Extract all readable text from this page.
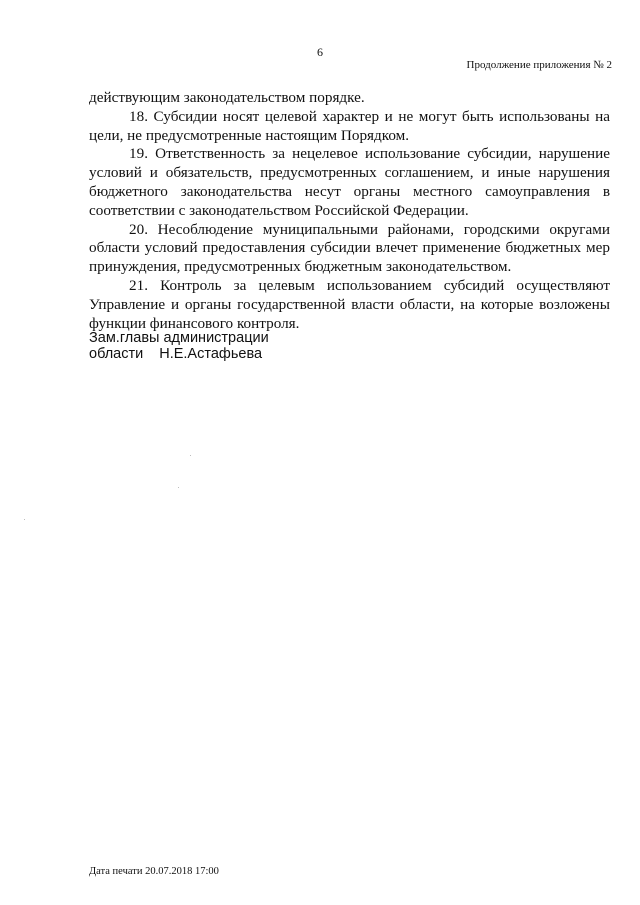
6
Продолжение приложения № 2

действующим законодательством порядке.

18. Субсидии носят целевой характер и не могут быть использованы на цели, не предусмотренные настоящим Порядком.

19. Ответственность за нецелевое использование субсидии, нарушение условий и обязательств, предусмотренных соглашением, и иные нарушения бюджетного законодательства несут органы местного самоуправления в соответствии с законодательством Российской Федерации.

20. Несоблюдение муниципальными районами, городскими округами области условий предоставления субсидии влечет применение бюджетных мер принуждения, предусмотренных бюджетным законодательством.

21. Контроль за целевым использованием субсидий осуществляют Управление и органы государственной власти области, на которые возложены функции финансового контроля.

Зам.главы администрации
области Н.Е.Астафьева
Дата печати 20.07.2018 17:00
